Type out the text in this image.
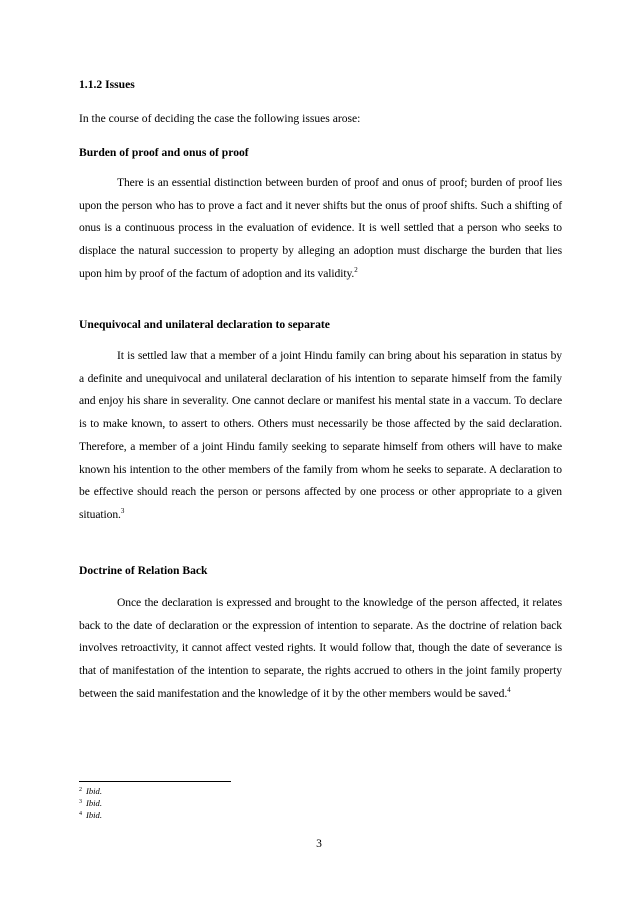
1.1.2 Issues
In the course of deciding the case the following issues arose:
Burden of proof and onus of proof
There is an essential distinction between burden of proof and onus of proof; burden of proof lies upon the person who has to prove a fact and it never shifts but the onus of proof shifts. Such a shifting of onus is a continuous process in the evaluation of evidence. It is well settled that a person who seeks to displace the natural succession to property by alleging an adoption must discharge the burden that lies upon him by proof of the factum of adoption and its validity.$^2$
Unequivocal and unilateral declaration to separate
It is settled law that a member of a joint Hindu family can bring about his separation in status by a definite and unequivocal and unilateral declaration of his intention to separate himself from the family and enjoy his share in severality. One cannot declare or manifest his mental state in a vaccum. To declare is to make known, to assert to others. Others must necessarily be those affected by the said declaration. Therefore, a member of a joint Hindu family seeking to separate himself from others will have to make known his intention to the other members of the family from whom he seeks to separate. A declaration to be effective should reach the person or persons affected by one process or other appropriate to a given situation.$^3$
Doctrine of Relation Back
Once the declaration is expressed and brought to the knowledge of the person affected, it relates back to the date of declaration or the expression of intention to separate. As the doctrine of relation back involves retroactivity, it cannot affect vested rights. It would follow that, though the date of severance is that of manifestation of the intention to separate, the rights accrued to others in the joint family property between the said manifestation and the knowledge of it by the other members would be saved.$^4$
$^2$ Ibid.
$^3$ Ibid.
$^4$ Ibid.
3
